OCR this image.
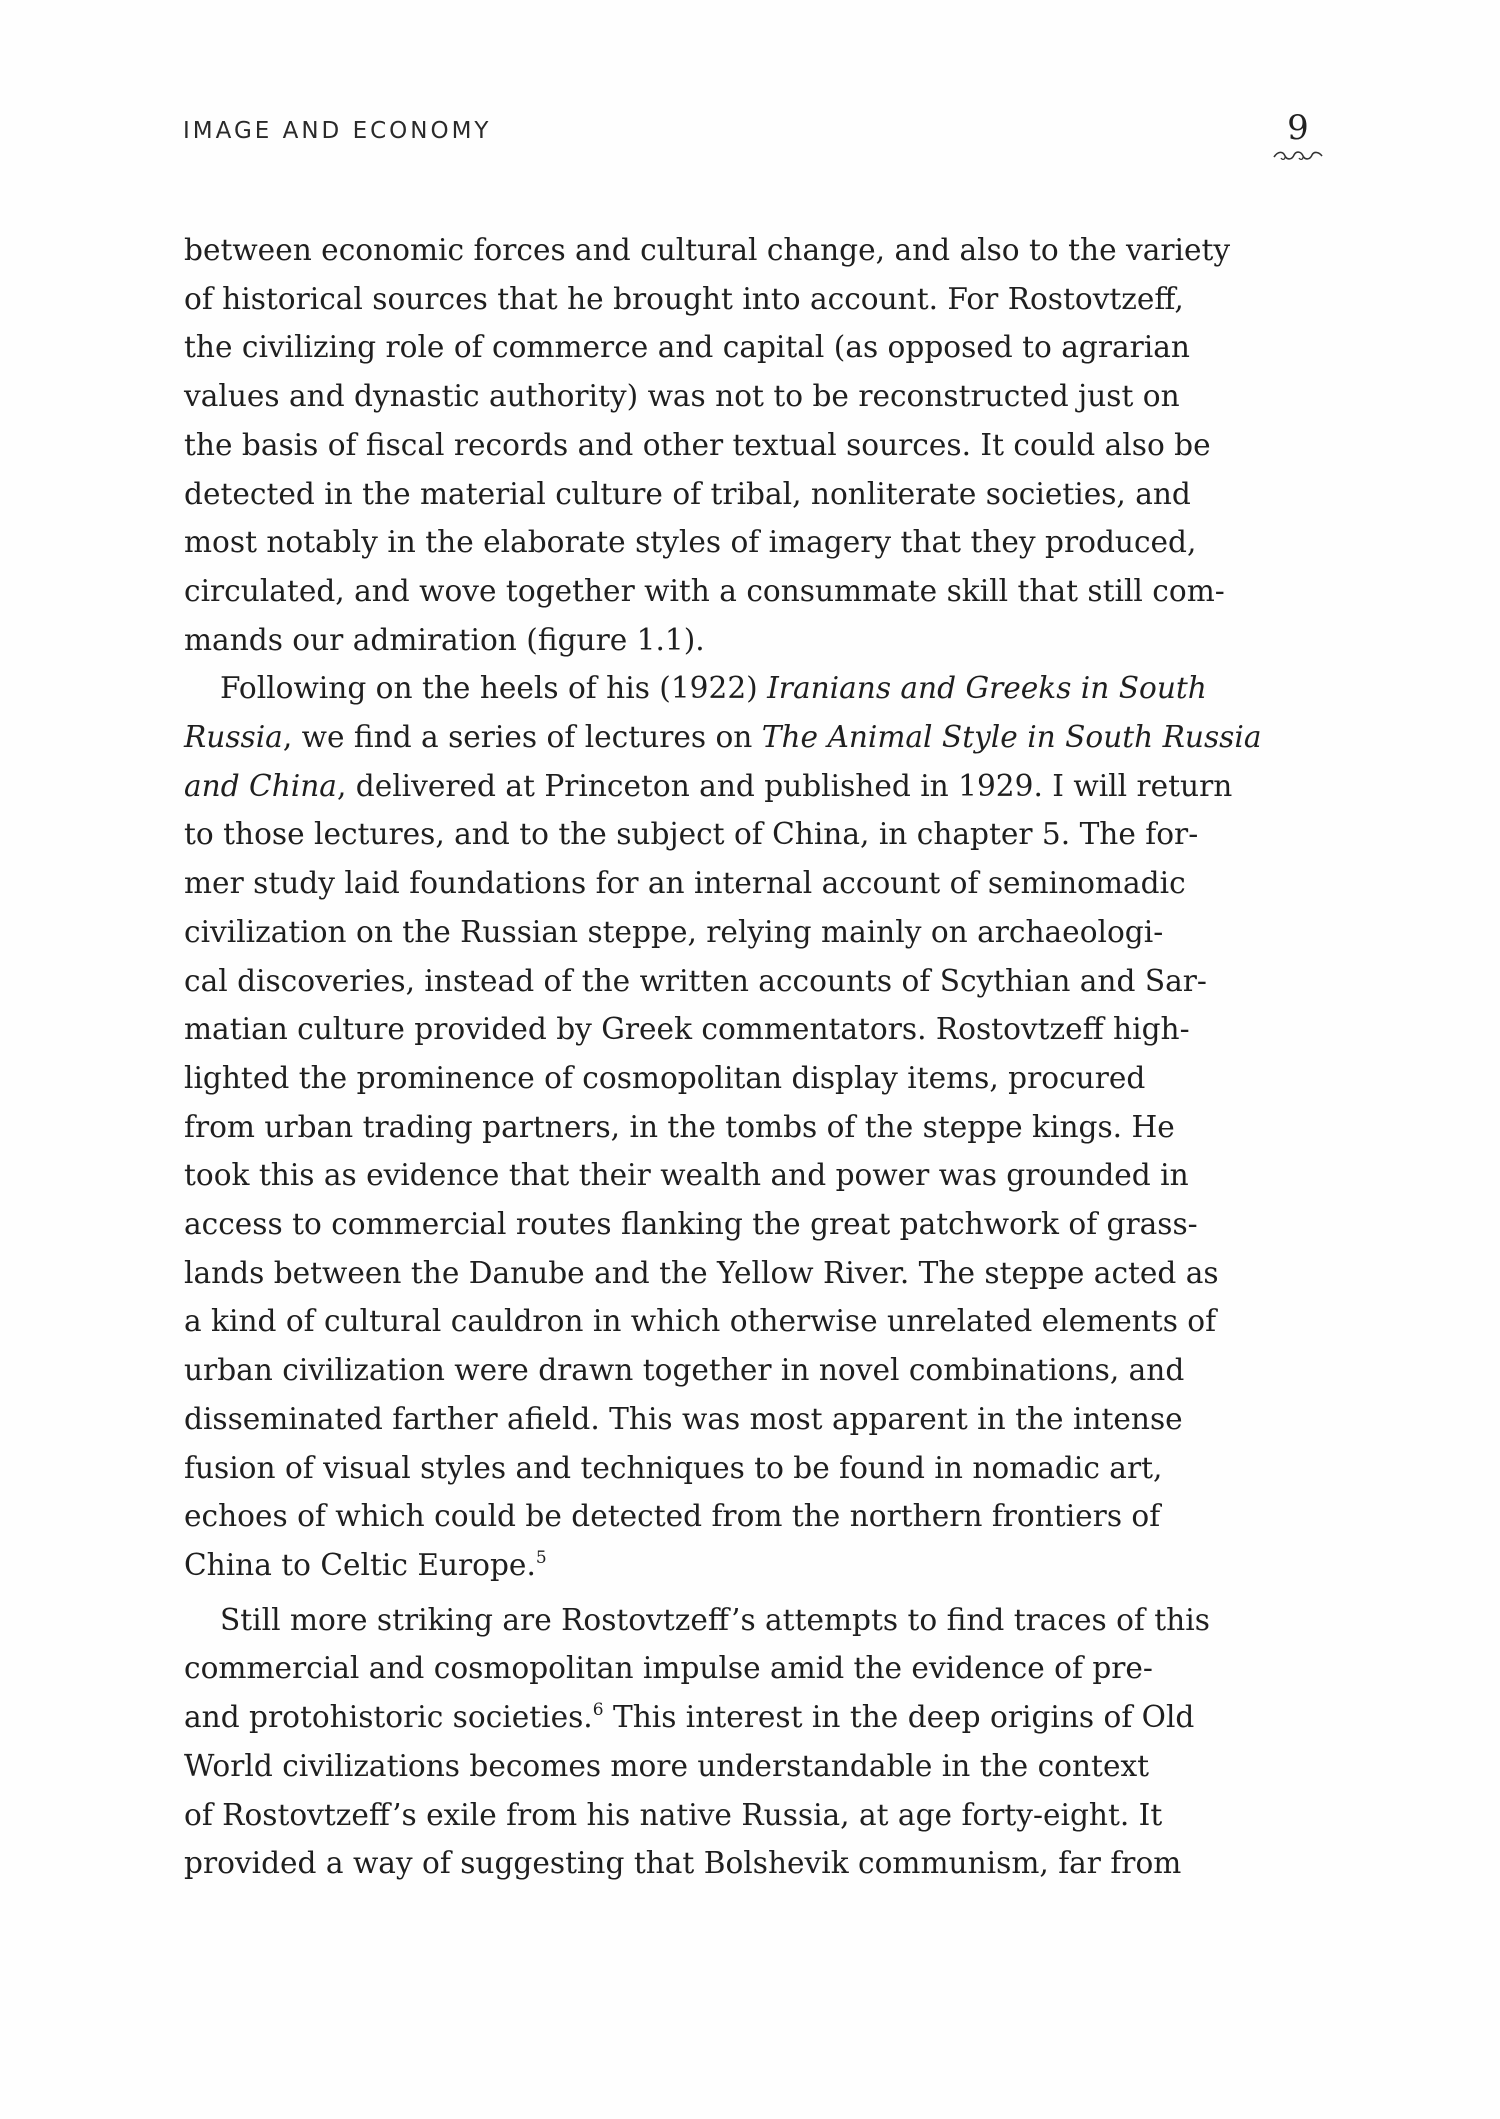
IMAGE AND ECONOMY	9
between economic forces and cultural change, and also to the variety
of historical sources that he brought into account. For Rostovtzeff,
the civilizing role of commerce and capital (as opposed to agrarian
values and dynastic authority) was not to be reconstructed just on
the basis of fiscal records and other textual sources. It could also be
detected in the material culture of tribal, nonliterate societies, and
most notably in the elaborate styles of imagery that they produced,
circulated, and wove together with a consummate skill that still com-
mands our admiration (figure 1.1).
Following on the heels of his (1922) Iranians and Greeks in South
Russia, we find a series of lectures on The Animal Style in South Russia
and China, delivered at Princeton and published in 1929. I will return
to those lectures, and to the subject of China, in chapter 5. The for-
mer study laid foundations for an internal account of seminomadic
civilization on the Russian steppe, relying mainly on archaeologi-
cal discoveries, instead of the written accounts of Scythian and Sar-
matian culture provided by Greek commentators. Rostovtzeff high-
lighted the prominence of cosmopolitan display items, procured
from urban trading partners, in the tombs of the steppe kings. He
took this as evidence that their wealth and power was grounded in
access to commercial routes flanking the great patchwork of grass-
lands between the Danube and the Yellow River. The steppe acted as
a kind of cultural cauldron in which otherwise unrelated elements of
urban civilization were drawn together in novel combinations, and
disseminated farther afield. This was most apparent in the intense
fusion of visual styles and techniques to be found in nomadic art,
echoes of which could be detected from the northern frontiers of
China to Celtic Europe.$^5$
Still more striking are Rostovtzeff’s attempts to find traces of this
commercial and cosmopolitan impulse amid the evidence of pre-
and protohistoric societies.$^6$ This interest in the deep origins of Old
World civilizations becomes more understandable in the context
of Rostovtzeff’s exile from his native Russia, at age forty-eight. It
provided a way of suggesting that Bolshevik communism, far from
